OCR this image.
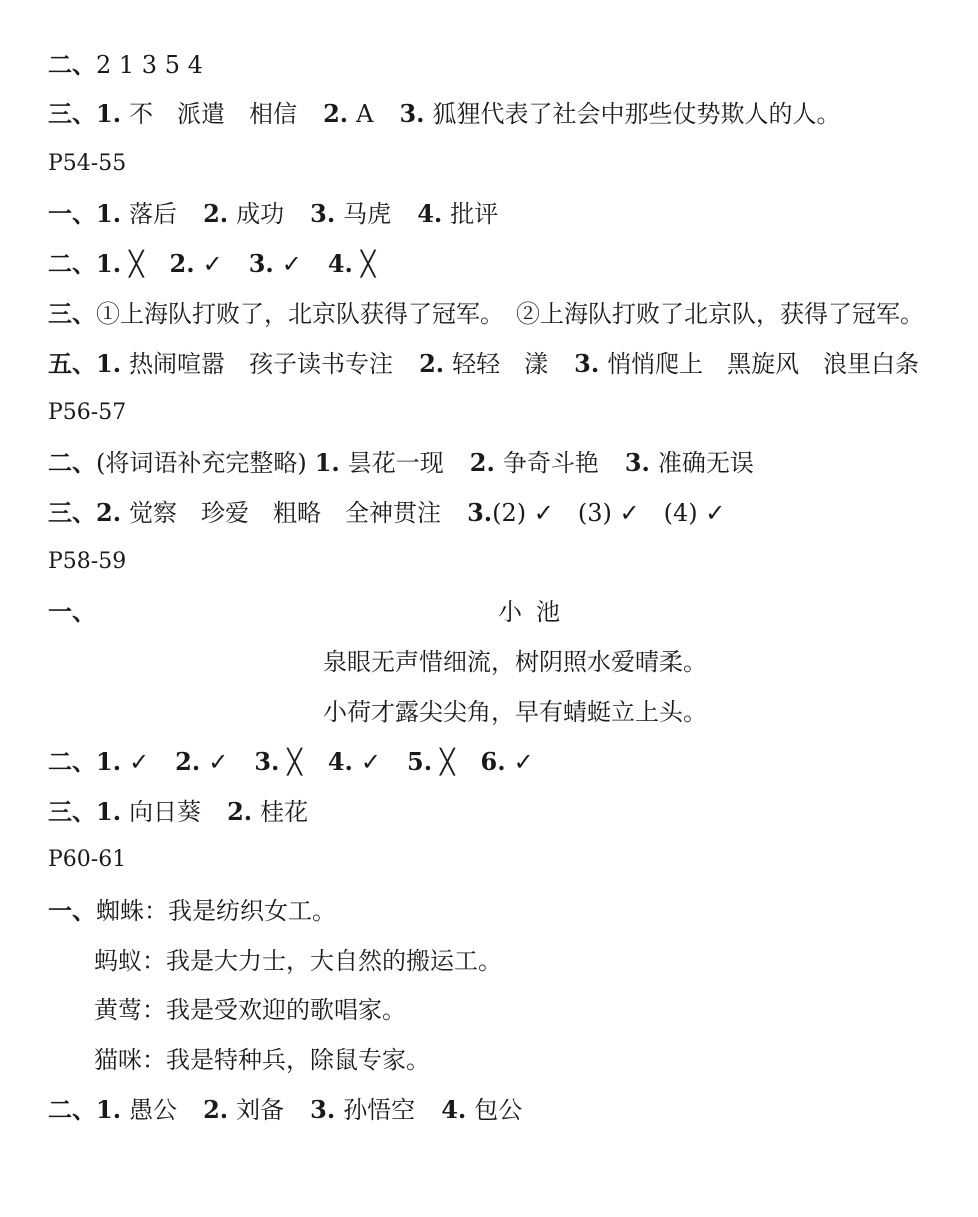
二、2 1 3 5 4
三、1. 不　派遣　相信 2. A 3. 狐狸代表了社会中那些仗势欺人的人。
P54-55
一、1. 落后 2. 成功 3. 马虎 4. 批评
二、1. ╳ 2. ✓ 3. ✓ 4. ╳
三、①上海队打败了，北京队获得了冠军。　②上海队打败了北京队，获得了冠军。
五、1. 热闹喧嚣　孩子读书专注 2. 轻轻　漾 3. 悄悄爬上　黑旋风　浪里白条
P56-57
二、(将词语补充完整略) 1. 昙花一现 2. 争奇斗艳 3. 准确无误
三、2. 觉察　珍爱　粗略　全神贯注 3.(2) ✓　(3) ✓　(4) ✓
P58-59
一、	小池
泉眼无声惜细流，树阴照水爱晴柔。
小荷才露尖尖角，早有蜻蜓立上头。
二、1. ✓ 2. ✓ 3. ╳ 4. ✓ 5. ╳ 6. ✓
三、1. 向日葵 2. 桂花
P60-61
一、蜘蛛：我是纺织女工。
蚂蚁：我是大力士，大自然的搬运工。
黄莺：我是受欢迎的歌唱家。
猫咪：我是特种兵，除鼠专家。
二、1. 愚公 2. 刘备 3. 孙悟空 4. 包公
